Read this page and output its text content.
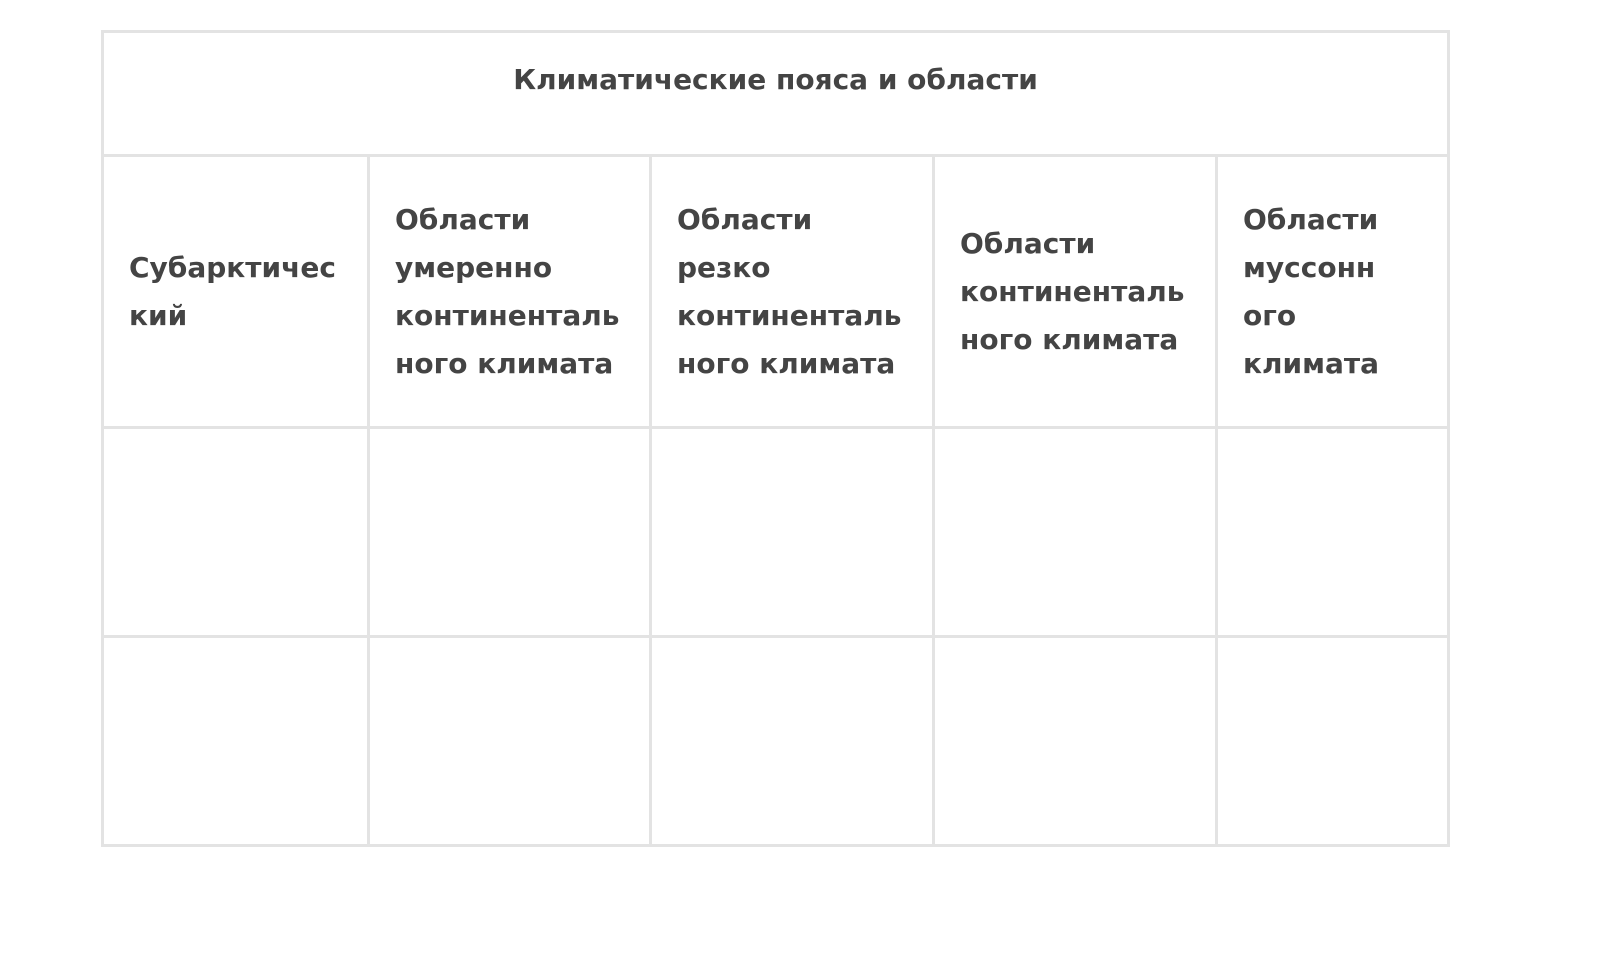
Климатические пояса и области				

Субарктичес
кий	Области
умеренно
континенталь
ного климата	Области
резко
континенталь
ного климата	Области
континенталь
ного климата	Области
муссонн
ого
климата
